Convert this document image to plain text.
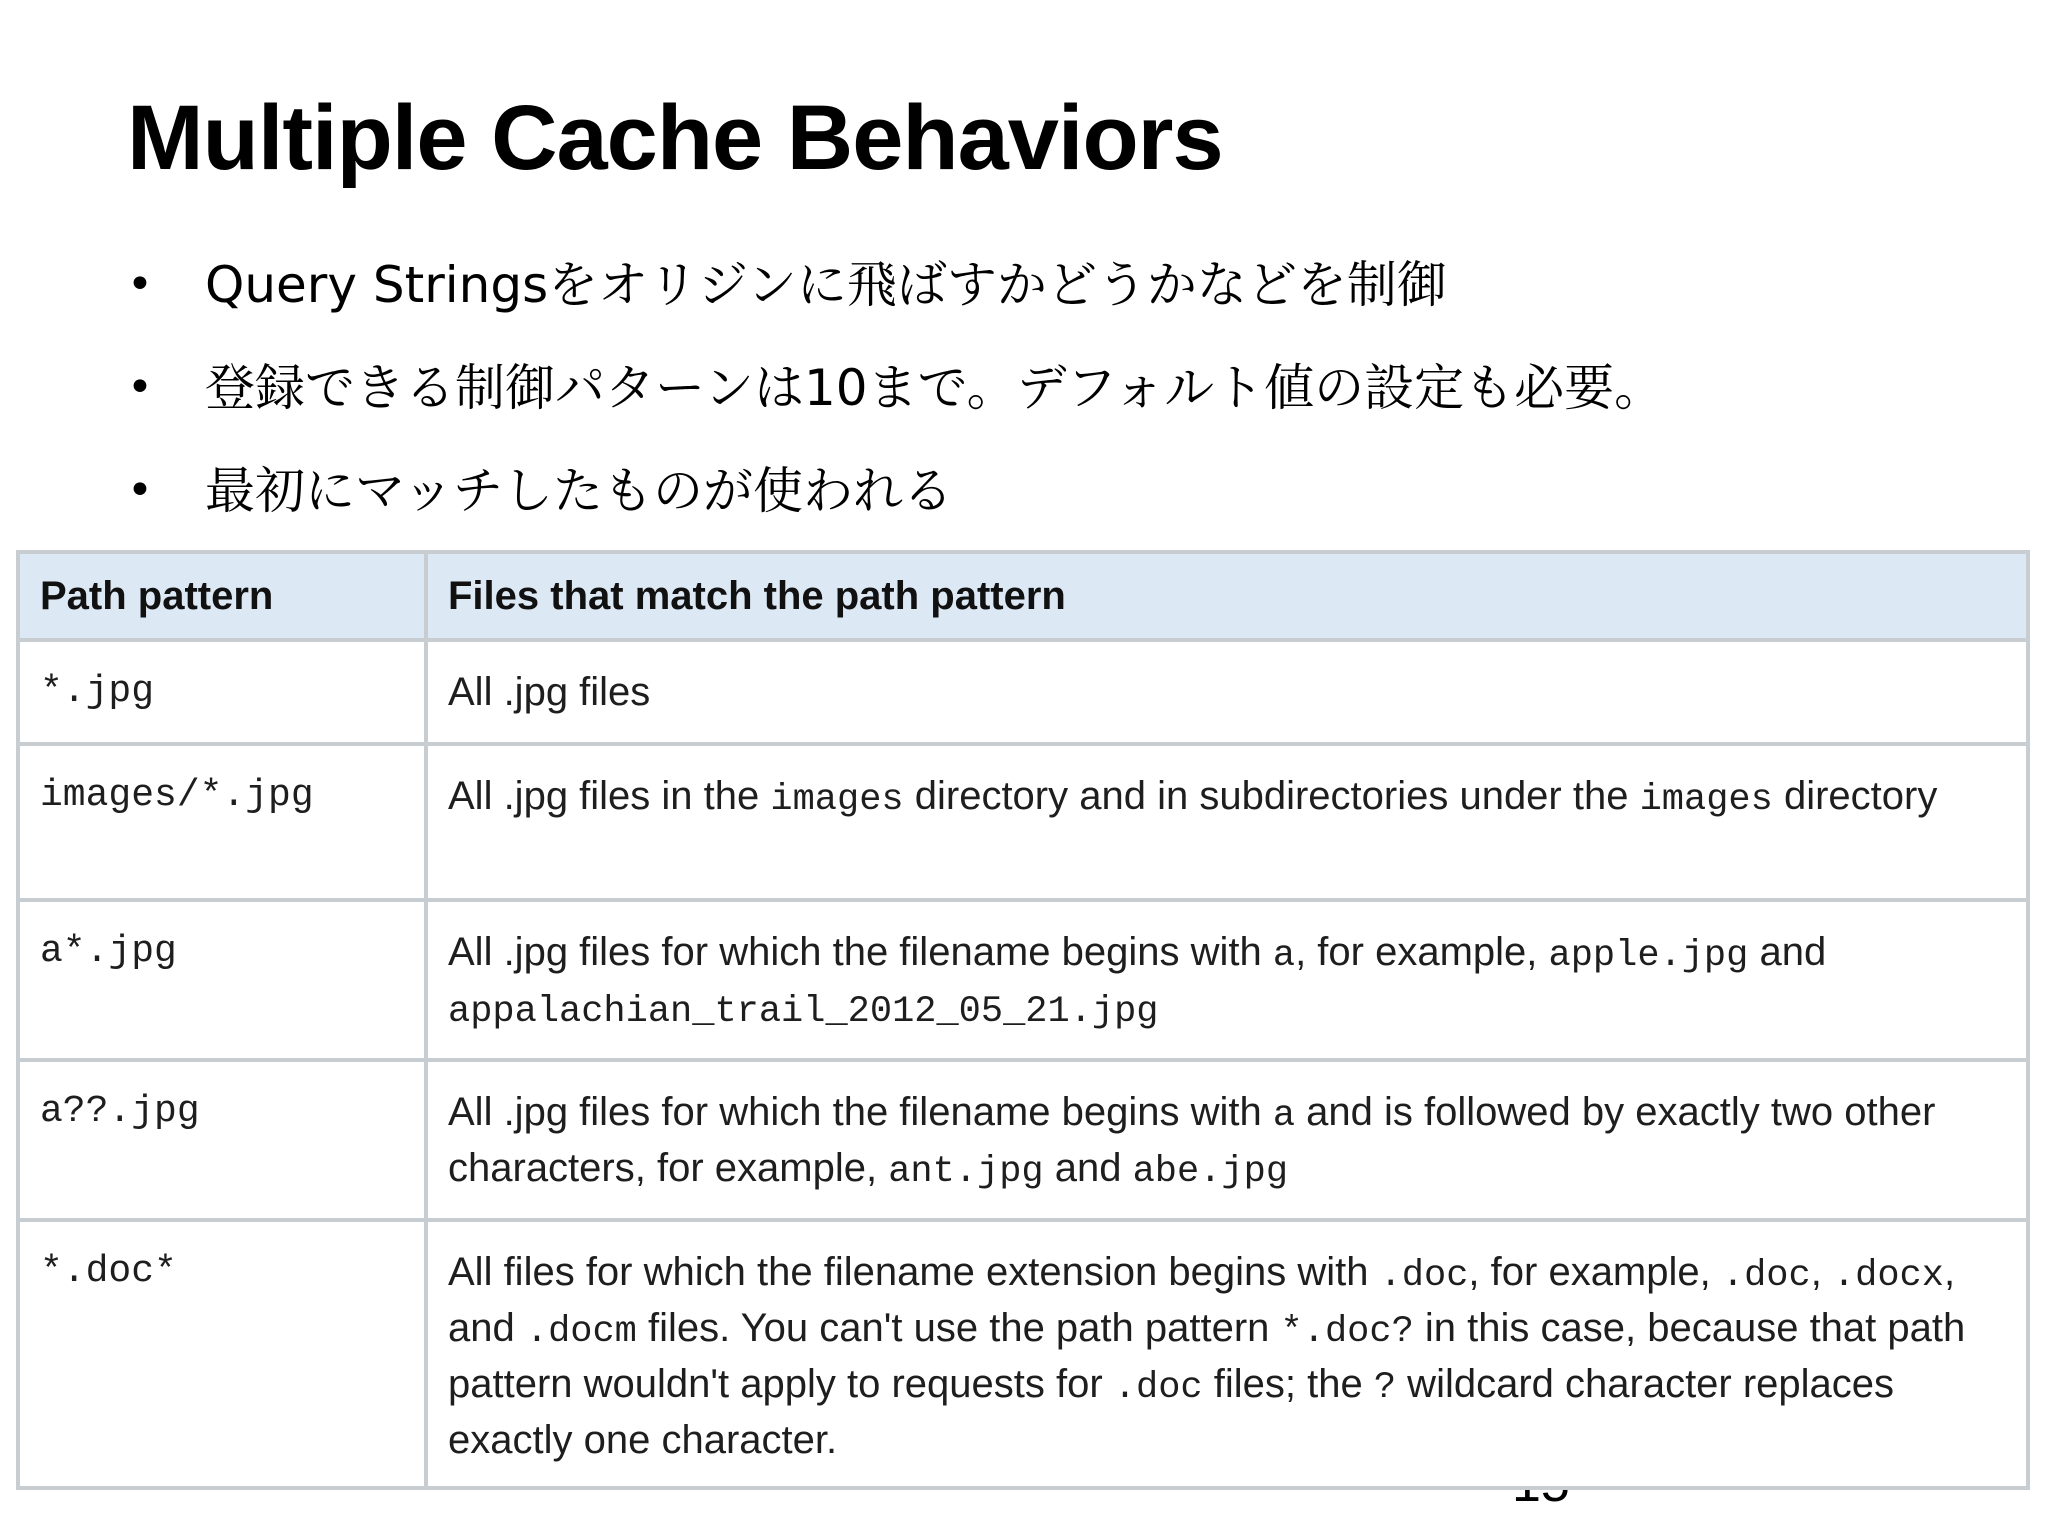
Multiple Cache Behaviors
• Query Stringsをオリジンに飛ばすかどうかなどを制御
• 登録できる制御パターンは10まで。デフォルト値の設定も必要。
• 最初にマッチしたものが使われる
Path pattern	Files that match the path pattern
*.jpg	All .jpg files
images/*.jpg	All .jpg files in the images directory and in subdirectories under the images directory
a*.jpg	All .jpg files for which the filename begins with a, for example, apple.jpg and appalachian_trail_2012_05_21.jpg
a??.jpg	All .jpg files for which the filename begins with a and is followed by exactly two other characters, for example, ant.jpg and abe.jpg
*.doc*	All files for which the filename extension begins with .doc, for example, .doc, .docx, and .docm files. You can't use the path pattern *.doc? in this case, because that path pattern wouldn't apply to requests for .doc files; the ? wildcard character replaces exactly one character.
